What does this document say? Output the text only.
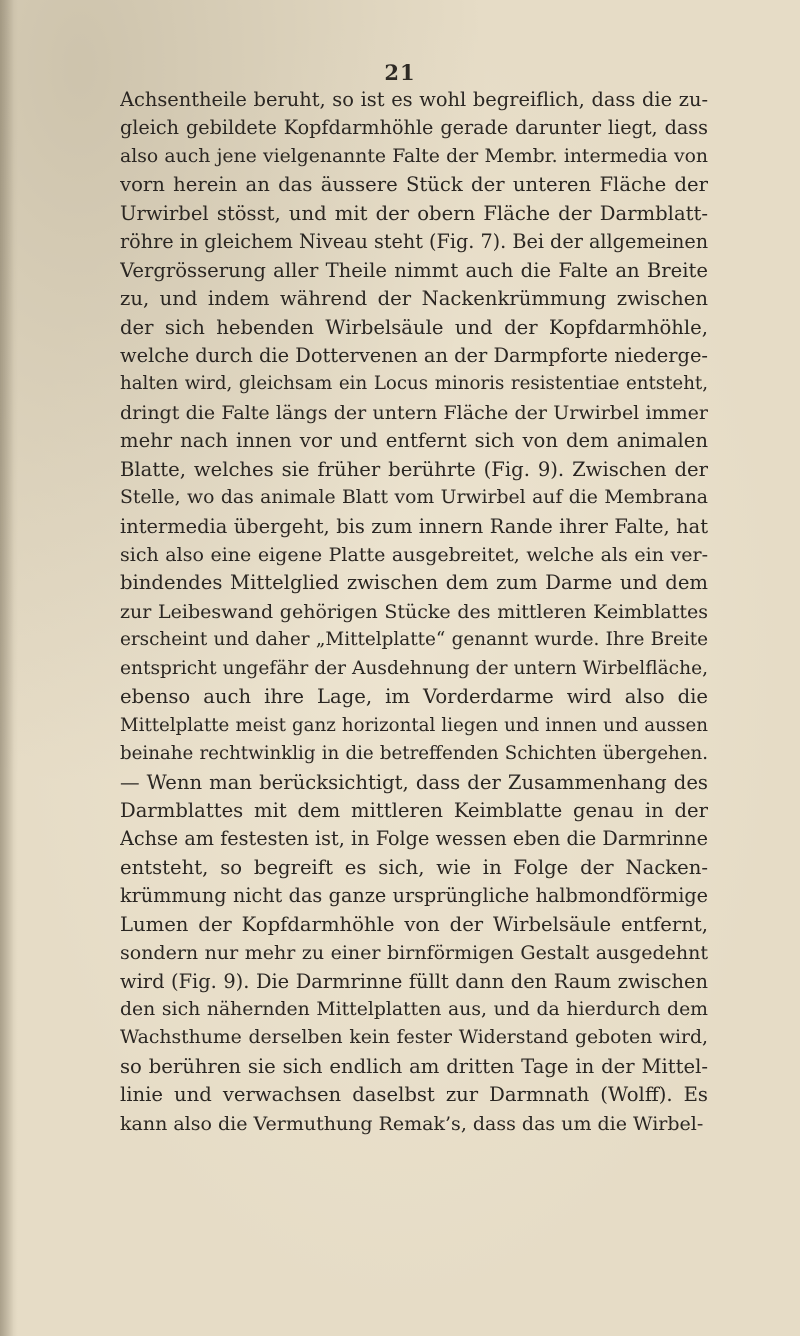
21
Achsentheile beruht, so ist es wohl begreiflich, dass die zu-
gleich gebildete Kopfdarmhöhle gerade darunter liegt, dass
also auch jene vielgenannte Falte der Membr. intermedia von
vorn herein an das äussere Stück der unteren Fläche der
Urwirbel stösst, und mit der obern Fläche der Darmblatt-
röhre in gleichem Niveau steht (Fig. 7). Bei der allgemeinen
Vergrösserung aller Theile nimmt auch die Falte an Breite
zu, und indem während der Nackenkrümmung zwischen
der sich hebenden Wirbelsäule und der Kopfdarmhöhle,
welche durch die Dottervenen an der Darmpforte niederge-
halten wird, gleichsam ein Locus minoris resistentiae entsteht,
dringt die Falte längs der untern Fläche der Urwirbel immer
mehr nach innen vor und entfernt sich von dem animalen
Blatte, welches sie früher berührte (Fig. 9). Zwischen der
Stelle, wo das animale Blatt vom Urwirbel auf die Membrana
intermedia übergeht, bis zum innern Rande ihrer Falte, hat
sich also eine eigene Platte ausgebreitet, welche als ein ver-
bindendes Mittelglied zwischen dem zum Darme und dem
zur Leibeswand gehörigen Stücke des mittleren Keimblattes
erscheint und daher „Mittelplatte“ genannt wurde. Ihre Breite
entspricht ungefähr der Ausdehnung der untern Wirbelfläche,
ebenso auch ihre Lage, im Vorderdarme wird also die
Mittelplatte meist ganz horizontal liegen und innen und aussen
beinahe rechtwinklig in die betreffenden Schichten übergehen.
— Wenn man berücksichtigt, dass der Zusammenhang des
Darmblattes mit dem mittleren Keimblatte genau in der
Achse am festesten ist, in Folge wessen eben die Darmrinne
entsteht, so begreift es sich, wie in Folge der Nacken-
krümmung nicht das ganze ursprüngliche halbmondförmige
Lumen der Kopfdarmhöhle von der Wirbelsäule entfernt,
sondern nur mehr zu einer birnförmigen Gestalt ausgedehnt
wird (Fig. 9). Die Darmrinne füllt dann den Raum zwischen
den sich nähernden Mittelplatten aus, und da hierdurch dem
Wachsthume derselben kein fester Widerstand geboten wird,
so berühren sie sich endlich am dritten Tage in der Mittel-
linie und verwachsen daselbst zur Darmnath (Wolff). Es
kann also die Vermuthung Remak’s, dass das um die Wirbel-
